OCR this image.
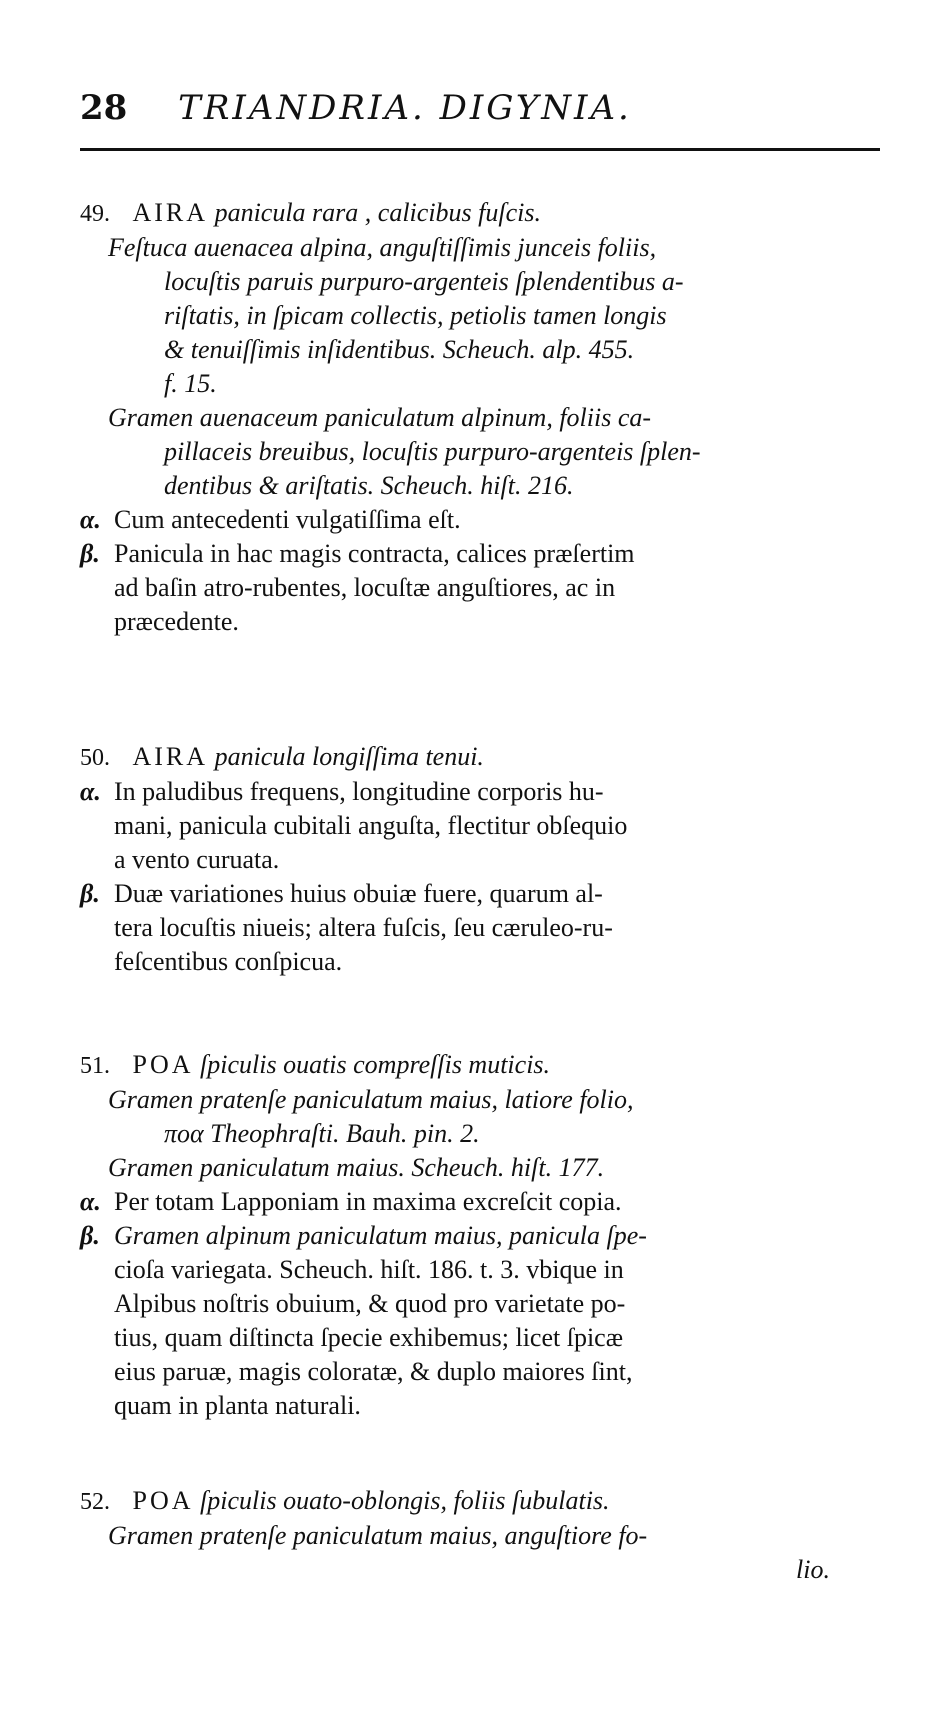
28 TRIANDRIA. DIGYNIA.
49. AIRA panicula rara , calicibus fuſcis.
Feſtuca auenacea alpina, anguſtiſſimis junceis foliis,
locuſtis paruis purpuro-argenteis ſplendentibus a-
riſtatis, in ſpicam collectis, petiolis tamen longis
& tenuiſſimis inſidentibus. Scheuch. alp. 455.
f. 15.
Gramen auenaceum paniculatum alpinum, foliis ca-
pillaceis breuibus, locuſtis purpuro-argenteis ſplen-
dentibus & ariſtatis. Scheuch. hiſt. 216.
α. Cum antecedenti vulgatiſſima eſt.
β. Panicula in hac magis contracta, calices præſertim
ad baſin atro-rubentes, locuſtæ anguſtiores, ac in
præcedente.
50. AIRA panicula longiſſima tenui.
α. In paludibus frequens, longitudine corporis hu-
mani, panicula cubitali anguſta, flectitur obſequio
a vento curuata.
β. Duæ variationes huius obuiæ fuere, quarum al-
tera locuſtis niueis; altera fuſcis, ſeu cæruleo-ru-
feſcentibus conſpicua.
51. POA ſpiculis ouatis compreſſis muticis.
Gramen pratenſe paniculatum maius, latiore folio,
ποα Theophraſti. Bauh. pin. 2.
Gramen paniculatum maius. Scheuch. hiſt. 177.
α. Per totam Lapponiam in maxima excreſcit copia.
β. Gramen alpinum paniculatum maius, panicula ſpe-
cioſa variegata. Scheuch. hiſt. 186. t. 3. vbique in
Alpibus noſtris obuium, & quod pro varietate po-
tius, quam diſtincta ſpecie exhibemus; licet ſpicæ
eius paruæ, magis coloratæ, & duplo maiores ſint,
quam in planta naturali.
52. POA ſpiculis ouato-oblongis, foliis ſubulatis.
Gramen pratenſe paniculatum maius, anguſtiore fo-
lio.
